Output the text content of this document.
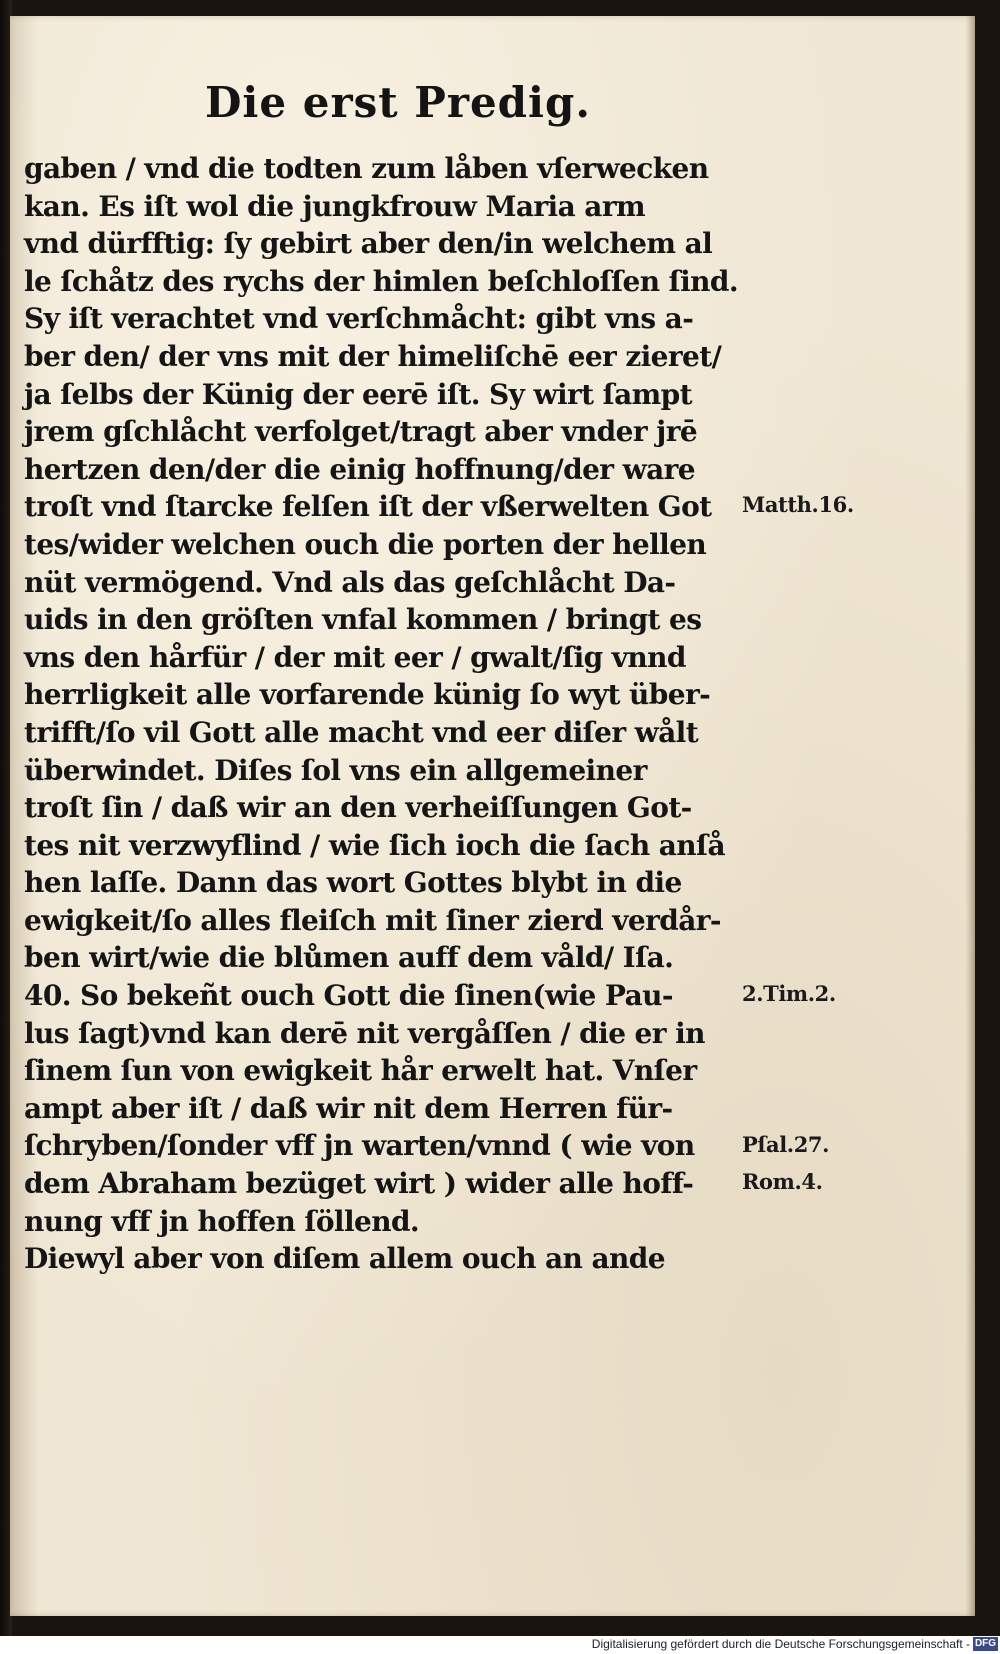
Die erst Predig.
gaben / vnd die todten zum låben vſerwecken
kan. Es iſt wol die jungkfrouw Maria arm
vnd dürfftig: ſy gebirt aber den/in welchem al
le ſchåtz des rychs der himlen beſchloſſen ſind.
Sy iſt verachtet vnd verſchmåcht: gibt vns a-
ber den/ der vns mit der himeliſchē eer zieret/
ja ſelbs der Künig der eerē iſt. Sy wirt ſampt
jrem gſchlåcht verfolget/tragt aber vnder jrē
hertzen den/der die einig hoffnung/der ware
troſt vnd ſtarcke felſen iſt der vßerwelten Got
tes/wider welchen ouch die porten der hellen
nüt vermögend. Vnd als das geſchlåcht Da-
uids in den gröſten vnfal kommen / bringt es
vns den hårfür / der mit eer / gwalt/ſig vnnd
herrligkeit alle vorfarende künig ſo wyt über-
trifft/ſo vil Gott alle macht vnd eer diſer wålt
überwindet. Diſes ſol vns ein allgemeiner
troſt ſin / daß wir an den verheiſſungen Got-
tes nit verzwyflind / wie ſich ioch die ſach anſå
hen laſſe. Dann das wort Gottes blybt in die
ewigkeit/ſo alles fleiſch mit ſiner zierd verdår-
ben wirt/wie die blůmen auff dem våld/ Iſa.
40. So bekeñt ouch Gott die ſinen(wie Pau-
lus ſagt)vnd kan derē nit vergåſſen / die er in
ſinem ſun von ewigkeit hår erwelt hat. Vnſer
ampt aber iſt / daß wir nit dem Herren für-
ſchryben/ſonder vff jn warten/vnnd ( wie von
dem Abraham bezüget wirt ) wider alle hoff-
nung vff jn hoffen ſöllend.
Diewyl aber von diſem allem ouch an ande
Matth.16.
2.Tim.2.
Pſal.27.
Rom.4.
Digitalisierung gefördert durch die Deutsche Forschungsgemeinschaft - DFG
